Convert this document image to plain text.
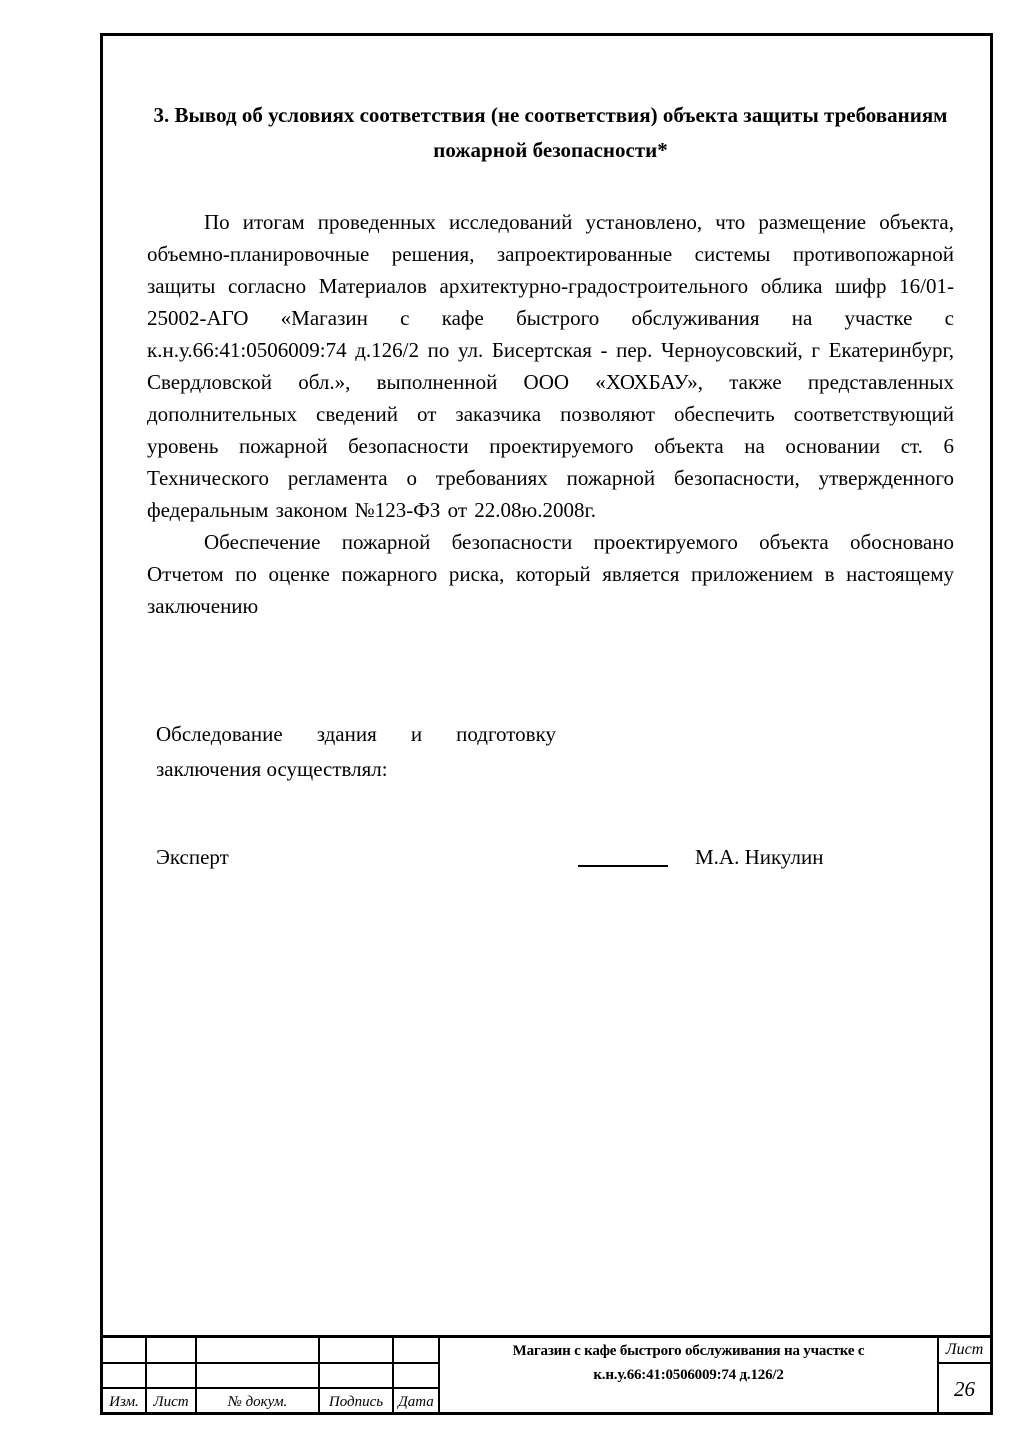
3. Вывод об условиях соответствия (не соответствия) объекта защиты требованиям пожарной безопасности*
По итогам проведенных исследований установлено, что размещение объекта, объемно-планировочные решения, запроектированные системы противопожарной защиты согласно Материалов архитектурно-градостроительного облика шифр 16/01-25002-АГО «Магазин с кафе быстрого обслуживания на участке с к.н.у.66:41:0506009:74 д.126/2 по ул. Бисертская - пер. Черноусовский, г Екатеринбург, Свердловской обл.», выполненной ООО «ХОХБАУ», также представленных дополнительных сведений от заказчика позволяют обеспечить соответствующий уровень пожарной безопасности проектируемого объекта на основании ст. 6 Технического регламента о требованиях пожарной безопасности, утвержденного федеральным законом №123-ФЗ от 22.08ю.2008г.
Обеспечение пожарной безопасности проектируемого объекта обосновано Отчетом по оценке пожарного риска, который является приложением в настоящему заключению
Обследование здания и подготовку заключения осуществлял:
Эксперт	М.А. Никулин
Изм. Лист	№ докум.	Подпись	Дата
Магазин с кафе быстрого обслуживания на участке с к.н.у.66:41:0506009:74 д.126/2
Лист
26
